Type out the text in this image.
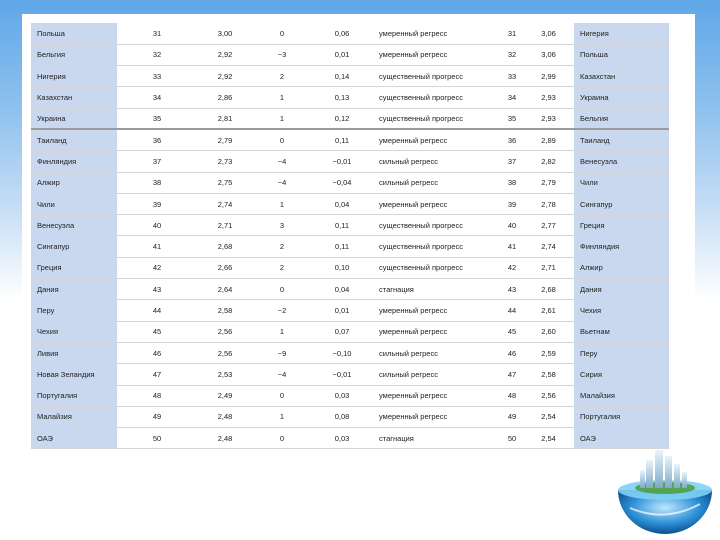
Польша	31	3,00	0	0,06	умеренный регресс	31	3,06	Нигерия
Бельгия	32	2,92	−3	0,01	умеренный регресс	32	3,06	Польша
Нигерия	33	2,92	2	0,14	существенный прогресс	33	2,99	Казахстан
Казахстан	34	2,86	1	0,13	существенный прогресс	34	2,93	Украина
Украина	35	2,81	1	0,12	существенный прогресс	35	2,93	Бельгия
Таиланд	36	2,79	0	0,11	умеренный регресс	36	2,89	Таиланд
Финляндия	37	2,73	−4	−0,01	сильный регресс	37	2,82	Венесуэла
Алжир	38	2,75	−4	−0,04	сильный регресс	38	2,79	Чили
Чили	39	2,74	1	0,04	умеренный регресс	39	2,78	Сингапур
Венесуэла	40	2,71	3	0,11	существенный прогресс	40	2,77	Греция
Сингапур	41	2,68	2	0,11	существенный прогресс	41	2,74	Финляндия
Греция	42	2,66	2	0,10	существенный прогресс	42	2,71	Алжир
Дания	43	2,64	0	0,04	стагнация	43	2,68	Дания
Перу	44	2,58	−2	0,01	умеренный регресс	44	2,61	Чехия
Чехия	45	2,56	1	0,07	умеренный регресс	45	2,60	Вьетнам
Ливия	46	2,56	−9	−0,10	сильный регресс	46	2,59	Перу
Новая Зеландия	47	2,53	−4	−0,01	сильный регресс	47	2,58	Сирия
Португалия	48	2,49	0	0,03	умеренный регресс	48	2,56	Малайзия
Малайзия	49	2,48	1	0,08	умеренный регресс	49	2,54	Португалия
ОАЭ	50	2,48	0	0,03	стагнация	50	2,54	ОАЭ
